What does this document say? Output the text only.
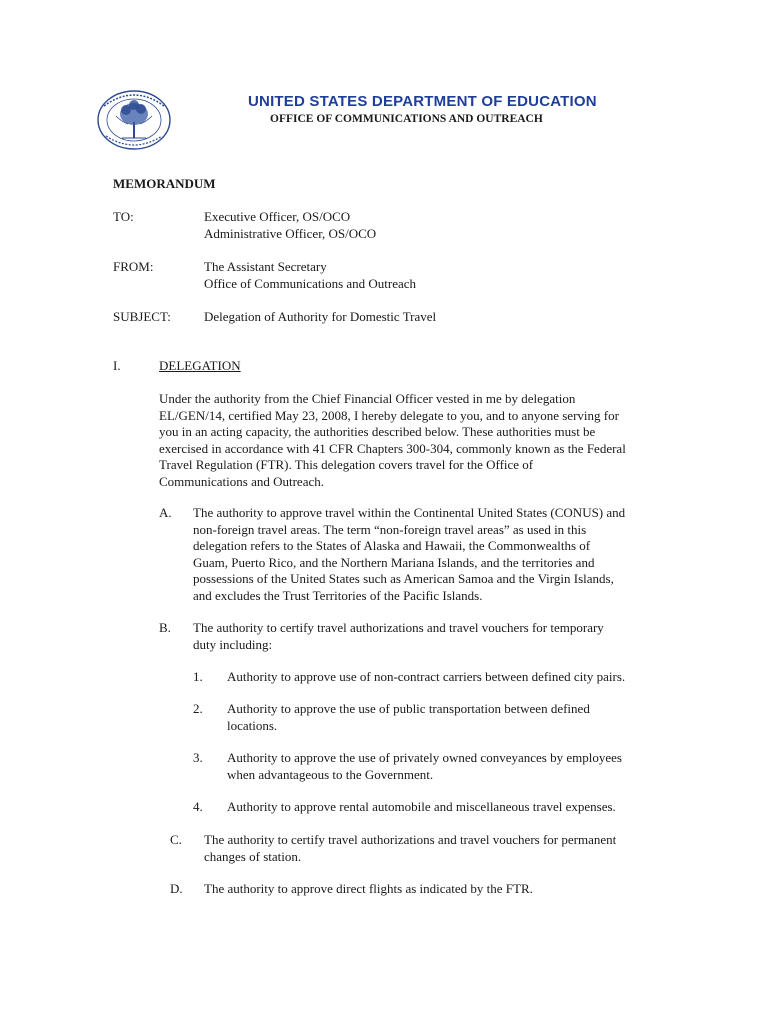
UNITED STATES DEPARTMENT OF EDUCATION
OFFICE OF COMMUNICATIONS AND OUTREACH
MEMORANDUM
TO:	Executive Officer, OS/OCO
Administrative Officer, OS/OCO
FROM:	The Assistant Secretary
Office of Communications and Outreach
SUBJECT:	Delegation of Authority for Domestic Travel
I.	DELEGATION
Under the authority from the Chief Financial Officer vested in me by delegation
EL/GEN/14, certified May 23, 2008, I hereby delegate to you, and to anyone serving for
you in an acting capacity, the authorities described below. These authorities must be
exercised in accordance with 41 CFR Chapters 300-304, commonly known as the Federal
Travel Regulation (FTR). This delegation covers travel for the Office of
Communications and Outreach.
A. The authority to approve travel within the Continental United States (CONUS) and
non-foreign travel areas. The term “non-foreign travel areas” as used in this
delegation refers to the States of Alaska and Hawaii, the Commonwealths of
Guam, Puerto Rico, and the Northern Mariana Islands, and the territories and
possessions of the United States such as American Samoa and the Virgin Islands,
and excludes the Trust Territories of the Pacific Islands.
B. The authority to certify travel authorizations and travel vouchers for temporary
duty including:
1. Authority to approve use of non-contract carriers between defined city pairs.
2. Authority to approve the use of public transportation between defined
locations.
3. Authority to approve the use of privately owned conveyances by employees
when advantageous to the Government.
4. Authority to approve rental automobile and miscellaneous travel expenses.
C. The authority to certify travel authorizations and travel vouchers for permanent
changes of station.
D. The authority to approve direct flights as indicated by the FTR.
